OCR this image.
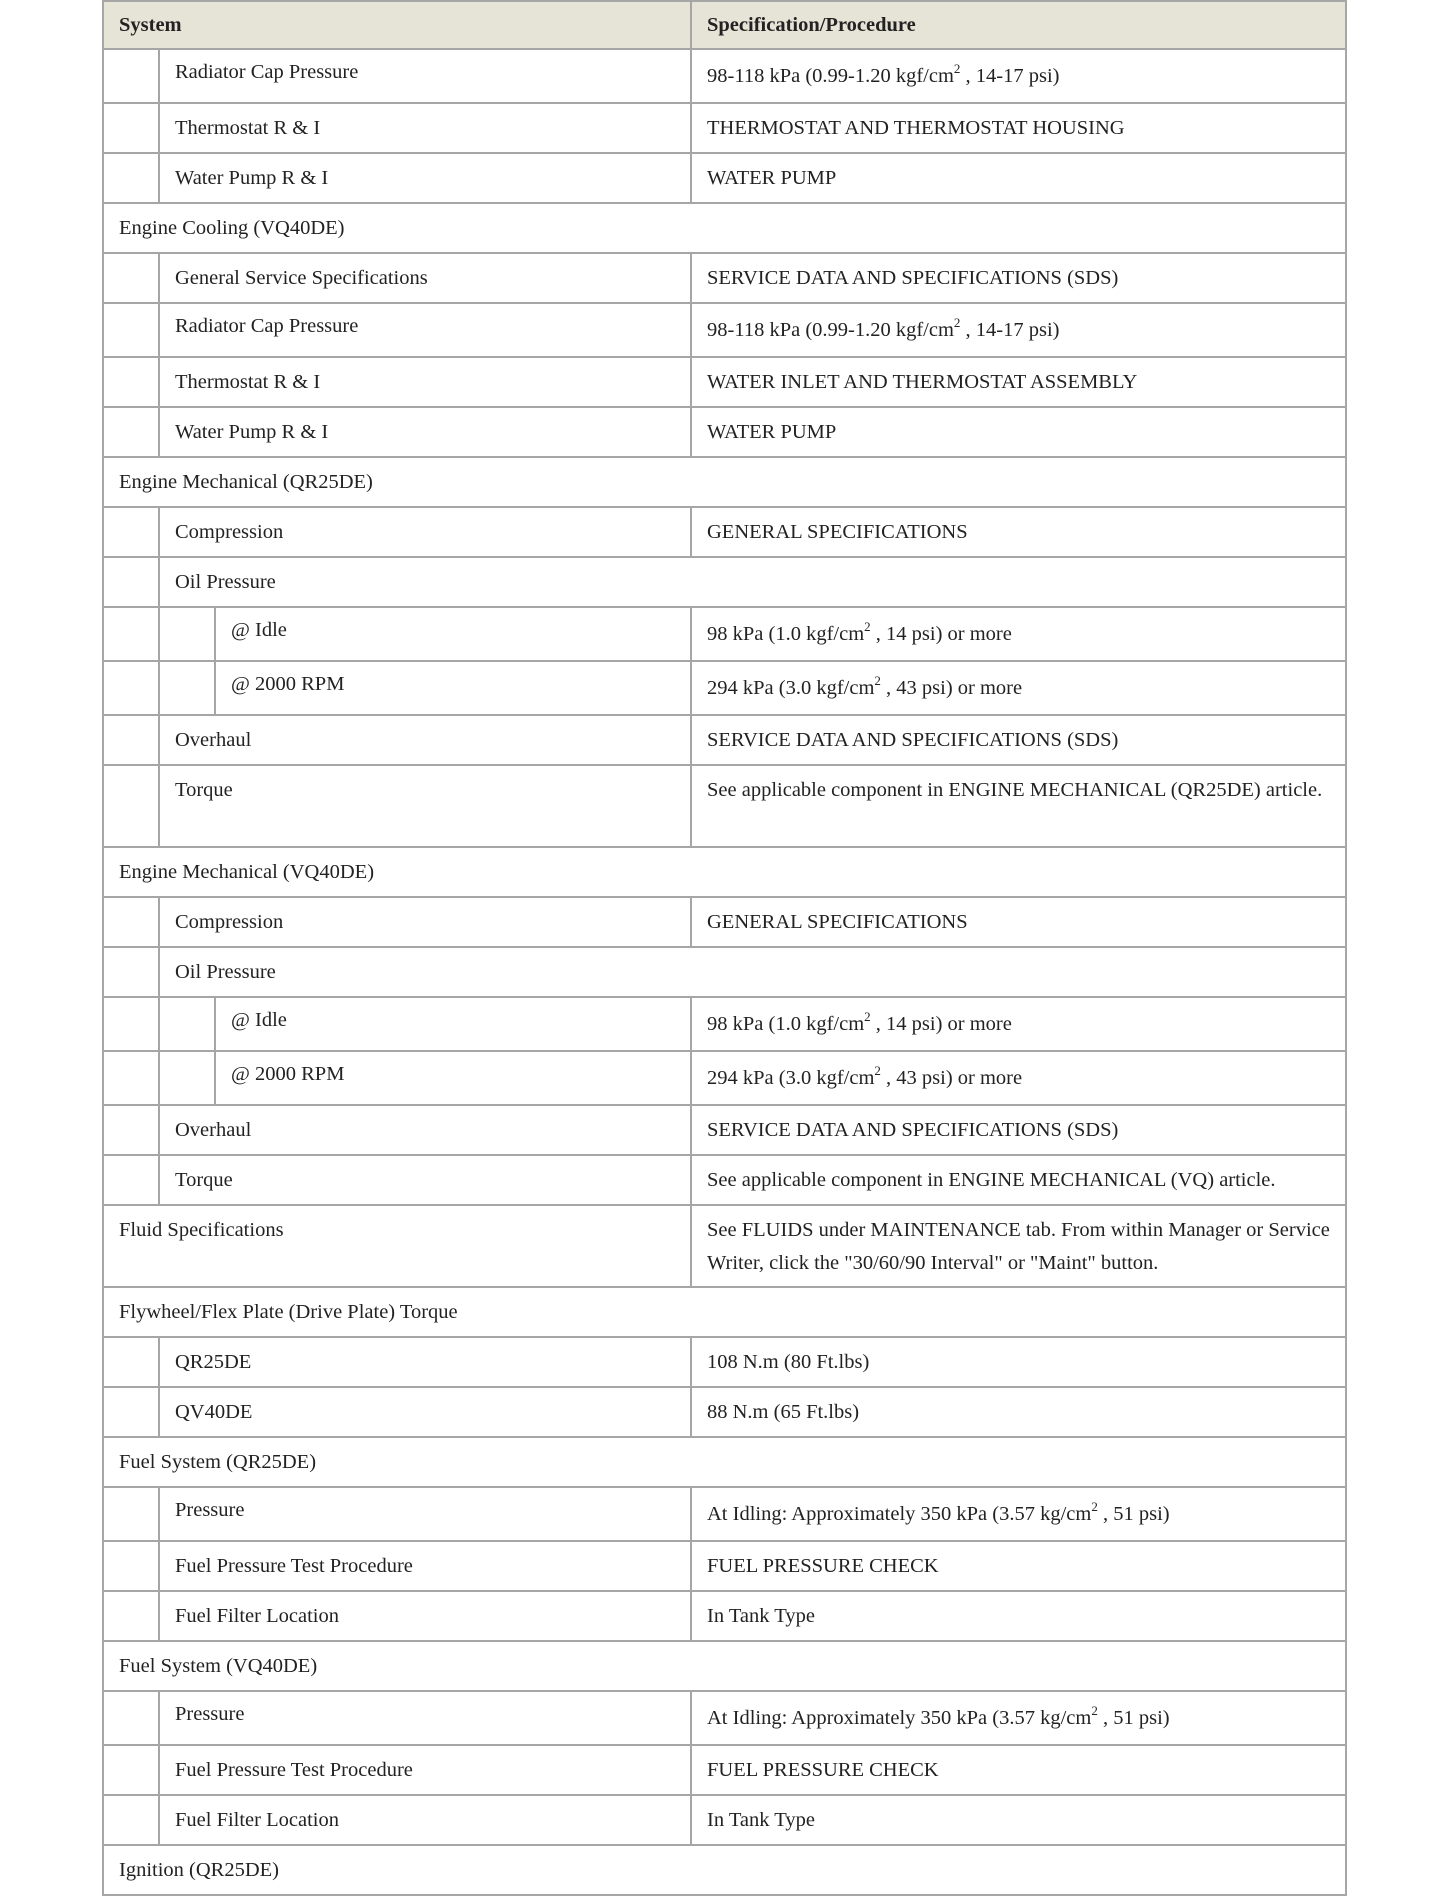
System			Specification/Procedure
	Radiator Cap Pressure		98-118 kPa (0.99-1.20 kgf/$cm^2$ , 14-17 psi)
	Thermostat R & I		THERMOSTAT AND THERMOSTAT HOUSING
	Water Pump R & I		WATER PUMP
Engine Cooling (VQ40DE)			
	General Service Specifications		SERVICE DATA AND SPECIFICATIONS (SDS)
	Radiator Cap Pressure		98-118 kPa (0.99-1.20 kgf/$cm^2$ , 14-17 psi)
	Thermostat R & I		WATER INLET AND THERMOSTAT ASSEMBLY
	Water Pump R & I		WATER PUMP
Engine Mechanical (QR25DE)			
	Compression		GENERAL SPECIFICATIONS
	Oil Pressure		
		@ Idle	98 kPa (1.0 kgf/$cm^2$ , 14 psi) or more
		@ 2000 RPM	294 kPa (3.0 kgf/$cm^2$ , 43 psi) or more
	Overhaul		SERVICE DATA AND SPECIFICATIONS (SDS)
	Torque		See applicable component in ENGINE MECHANICAL (QR25DE) article.
Engine Mechanical (VQ40DE)			
	Compression		GENERAL SPECIFICATIONS
	Oil Pressure		
		@ Idle	98 kPa (1.0 kgf/$cm^2$ , 14 psi) or more
		@ 2000 RPM	294 kPa (3.0 kgf/$cm^2$ , 43 psi) or more
	Overhaul		SERVICE DATA AND SPECIFICATIONS (SDS)
	Torque		See applicable component in ENGINE MECHANICAL (VQ) article.
Fluid Specifications			See FLUIDS under MAINTENANCE tab. From within Manager or Service Writer, click the "30/60/90 Interval" or "Maint" button.
Flywheel/Flex Plate (Drive Plate) Torque			
	QR25DE		108 N.m (80 Ft.lbs)
	QV40DE		88 N.m (65 Ft.lbs)
Fuel System (QR25DE)			
	Pressure		At Idling: Approximately 350 kPa (3.57 $kg/cm^2$ , 51 psi)
	Fuel Pressure Test Procedure		FUEL PRESSURE CHECK
	Fuel Filter Location		In Tank Type
Fuel System (VQ40DE)			
	Pressure		At Idling: Approximately 350 kPa (3.57 $kg/cm^2$ , 51 psi)
	Fuel Pressure Test Procedure		FUEL PRESSURE CHECK
	Fuel Filter Location		In Tank Type
Ignition (QR25DE)			
